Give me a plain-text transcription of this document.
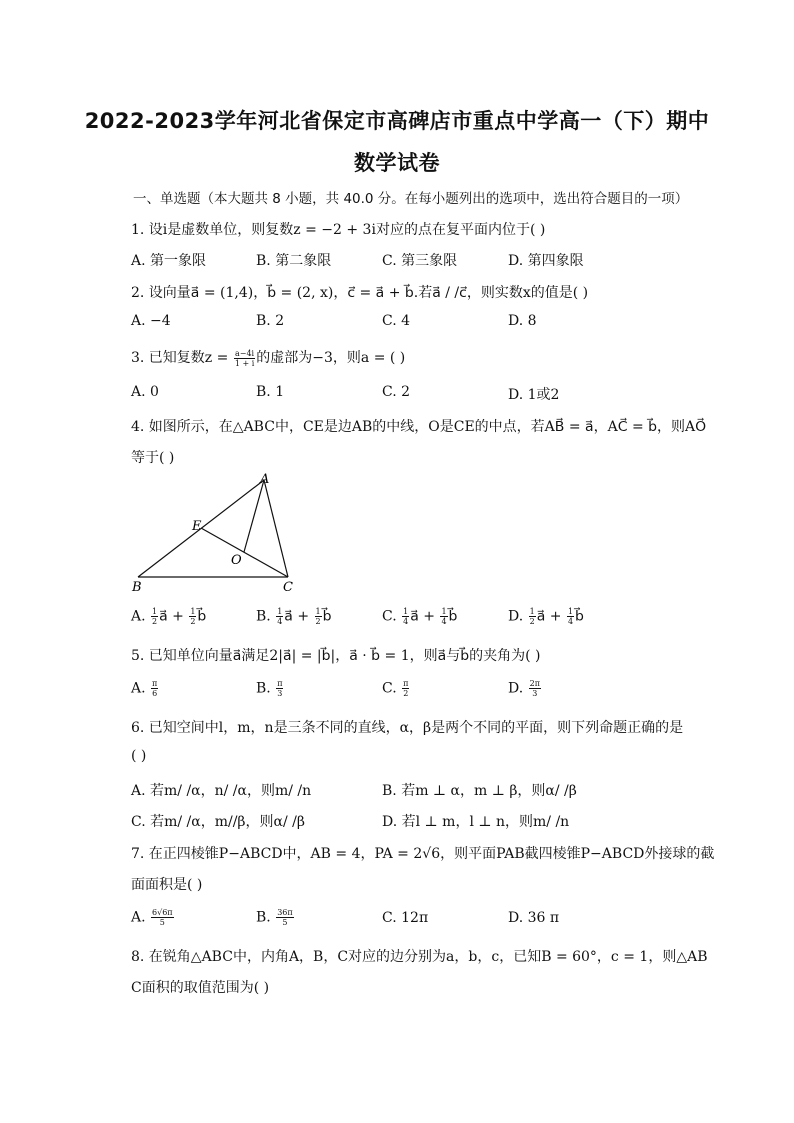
2022-2023学年河北省保定市高碑店市重点中学高一（下）期中
数学试卷
一、单选题（本大题共 8 小题，共 40.0 分。在每小题列出的选项中，选出符合题目的一项）
1. 设i是虚数单位，则复数z = −2 + 3i对应的点在复平面内位于( )
A. 第一象限	B. 第二象限	C. 第三象限	D. 第四象限
2. 设向量a⃗ = (1,4)，b⃗ = (2, x)，c⃗ = a⃗ + b⃗.若a⃗ / /c⃗，则实数x的值是( )
A. −4	B. 2	C. 4	D. 8
3. 已知复数$z = \frac{a-4i}{1 + i}$ 的虚部为−3，则a = ( )
A. 0	B. 1	C. 2	D. 1或2
4. 如图所示，在△ABC中，CE是边AB的中线，O是CE的中点，若AB⃗ = a⃗，AC⃗ = b⃗，则AO⃗
等于( )
A
E
O
B	C
A. $\frac{1}{2}$ a⃗ + $\frac{1}{2}$ b⃗	B. $\frac{1}{4}$ a⃗ + $\frac{1}{2}$ b⃗	C. $\frac{1}{4}$ a⃗ + $\frac{1}{4}$ b⃗	D. $\frac{1}{2}$ a⃗ + $\frac{1}{4}$ b⃗
5. 已知单位向量a⃗满足2|a⃗| = |b⃗|，a⃗ · b⃗ = 1，则a⃗与b⃗的夹角为( )
A. $\frac{\pi}{6}$	B. $\frac{\pi}{3}$	C. $\frac{\pi}{2}$	D. $\frac{2\pi}{3}$
6. 已知空间中l，m，n是三条不同的直线，α，β是两个不同的平面，则下列命题正确的是
( )
A. 若m/ /α，n/ /α，则m/ /n	B. 若m ⊥ α，m ⊥ β，则α/ /β
C. 若m/ /α，m//β，则α/ /β	D. 若l ⊥ m，l ⊥ n，则m/ /n
7. 在正四棱锥P−ABCD中，AB = 4，PA = 2√6，则平面PAB截四棱锥P−ABCD外接球的截
面面积是( )
A. $\frac{6√6\pi}{5}$	B. $\frac{36\pi}{5}$	C. 12π	D. 36 π
8. 在锐角△ABC中，内角A，B，C对应的边分别为a，b，c，已知B = 60°，c = 1，则△AB
C面积的取值范围为( )
